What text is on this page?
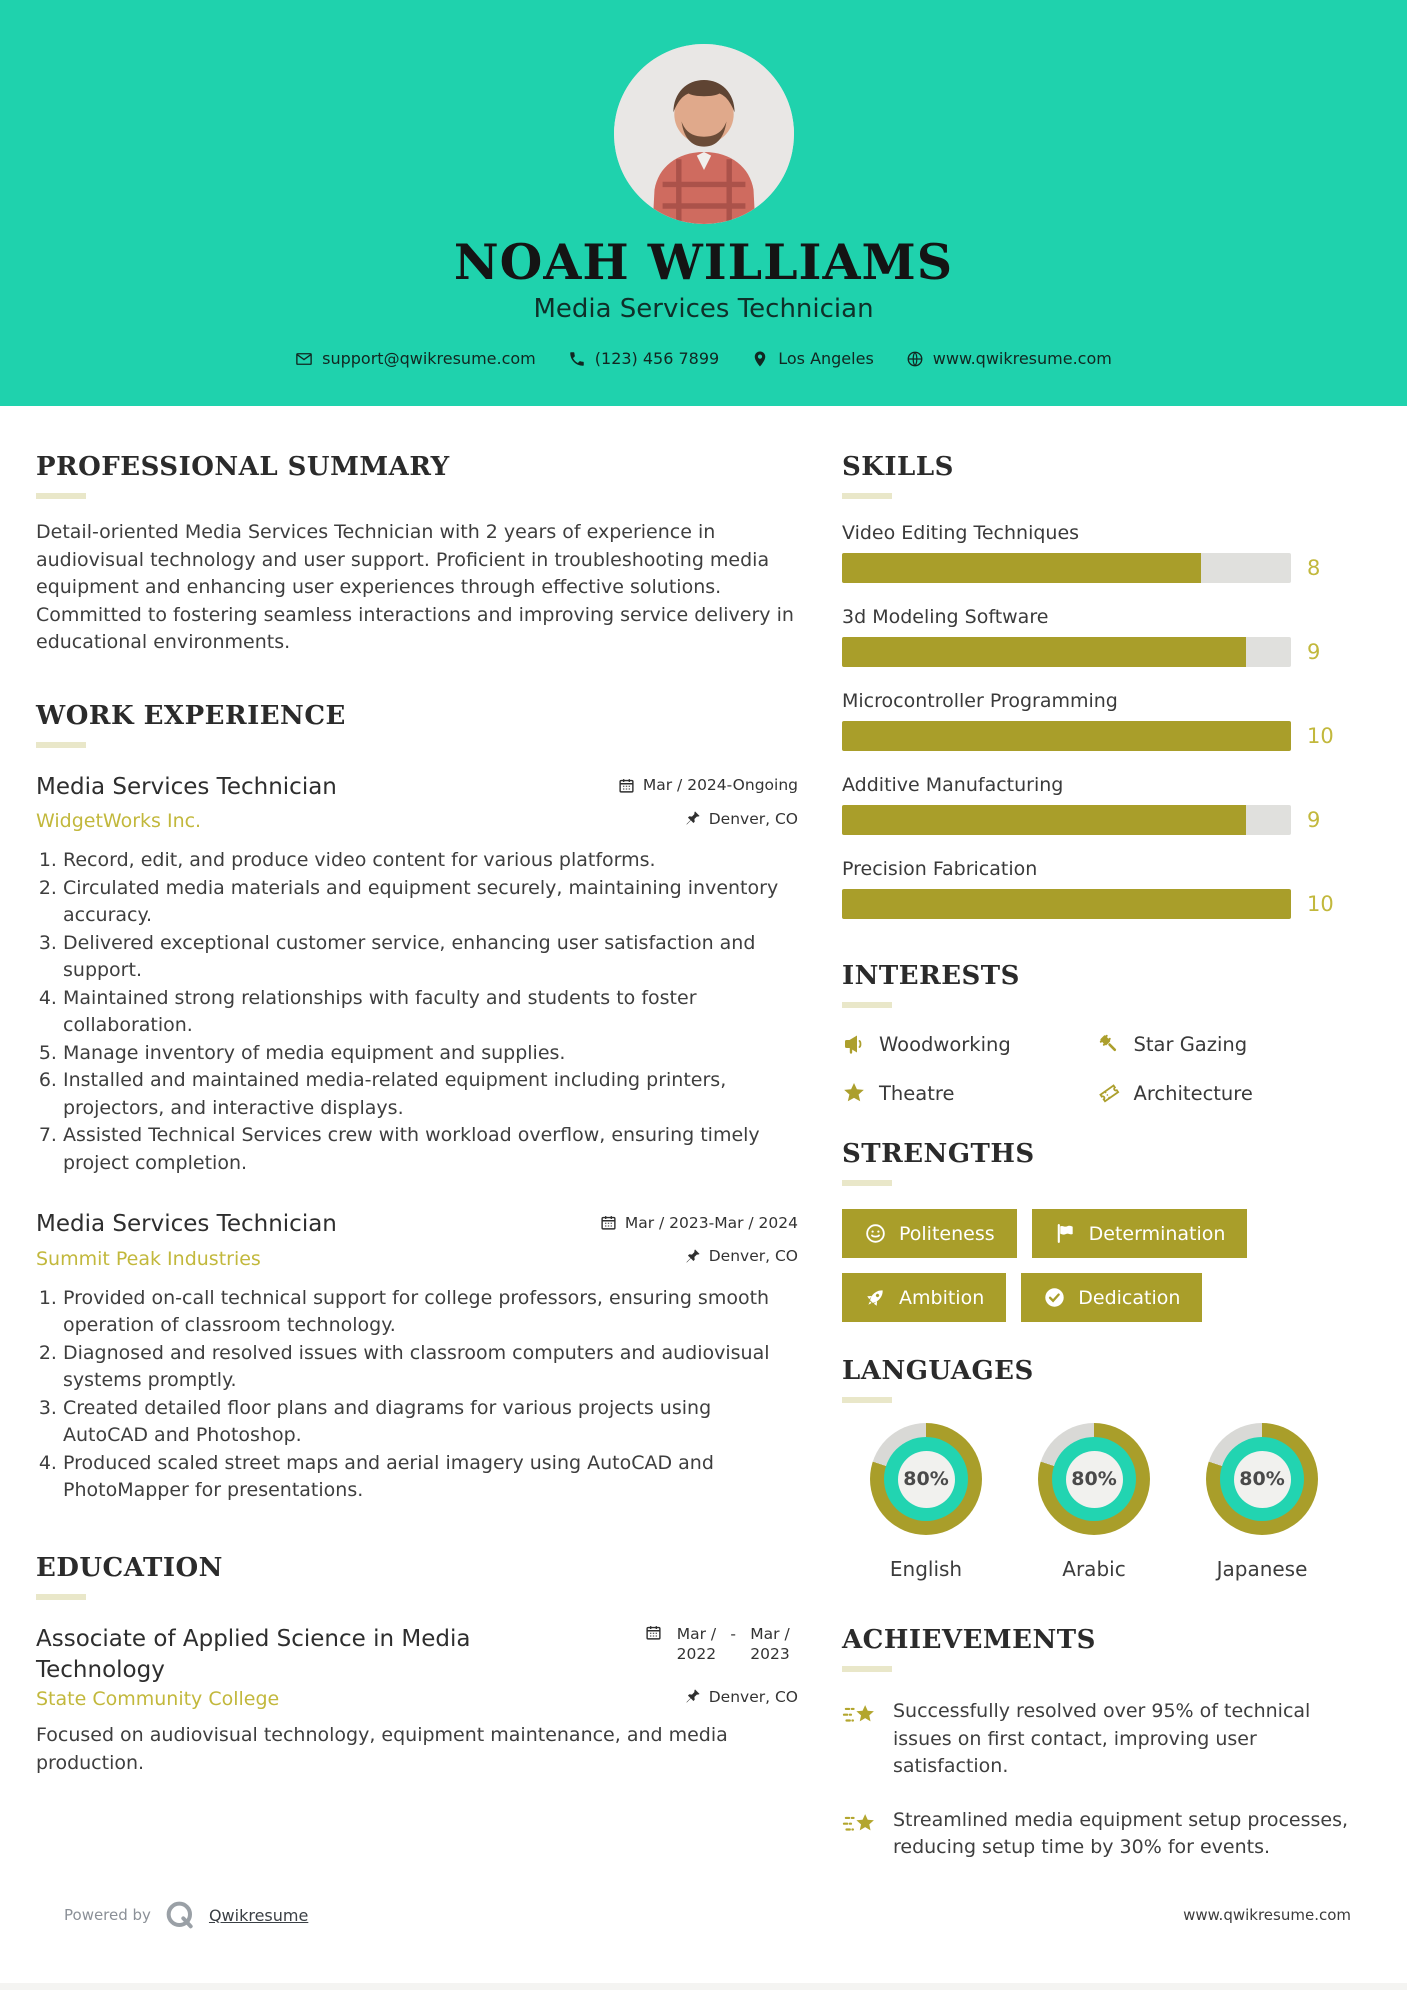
NOAH WILLIAMS
Media Services Technician
support@qwikresume.com	(123) 456 7899	Los Angeles	www.qwikresume.com
PROFESSIONAL SUMMARY

Detail-oriented Media Services Technician with 2 years of experience in audiovisual technology and user support. Proficient in troubleshooting media equipment and enhancing user experiences through effective solutions. Committed to fostering seamless interactions and improving service delivery in educational environments.

WORK EXPERIENCE
Media Services Technician	Mar / 2024-Ongoing
WidgetWorks Inc.	Denver, CO
1. Record, edit, and produce video content for various platforms.
2. Circulated media materials and equipment securely, maintaining inventory accuracy.
3. Delivered exceptional customer service, enhancing user satisfaction and support.
4. Maintained strong relationships with faculty and students to foster collaboration.
5. Manage inventory of media equipment and supplies.
6. Installed and maintained media-related equipment including printers, projectors, and interactive displays.
7. Assisted Technical Services crew with workload overflow, ensuring timely project completion.
Media Services Technician	Mar / 2023-Mar / 2024
Summit Peak Industries	Denver, CO
1. Provided on-call technical support for college professors, ensuring smooth operation of classroom technology.
2. Diagnosed and resolved issues with classroom computers and audiovisual systems promptly.
3. Created detailed floor plans and diagrams for various projects using AutoCAD and Photoshop.
4. Produced scaled street maps and aerial imagery using AutoCAD and PhotoMapper for presentations.
EDUCATION
Associate of Applied Science in Media Technology
Mar / 2022
- Mar / 2023
State Community College	Denver, CO

Focused on audiovisual technology, equipment maintenance, and media production.

SKILLS
Video Editing Techniques
8
3d Modeling Software
9
Microcontroller Programming
10
Additive Manufacturing
9
Precision Fabrication
10
INTERESTS
Woodworking	Star Gazing
Theatre	Architecture
STRENGTHS
Politeness	Determination
Ambition	Dedication
LANGUAGES
80%
English
80%
Arabic
80%
Japanese
ACHIEVEMENTS
Successfully resolved over 95% of technical issues on first contact, improving user satisfaction.
Streamlined media equipment setup processes, reducing setup time by 30% for events.
Powered by	Qwikresume	www.qwikresume.com
